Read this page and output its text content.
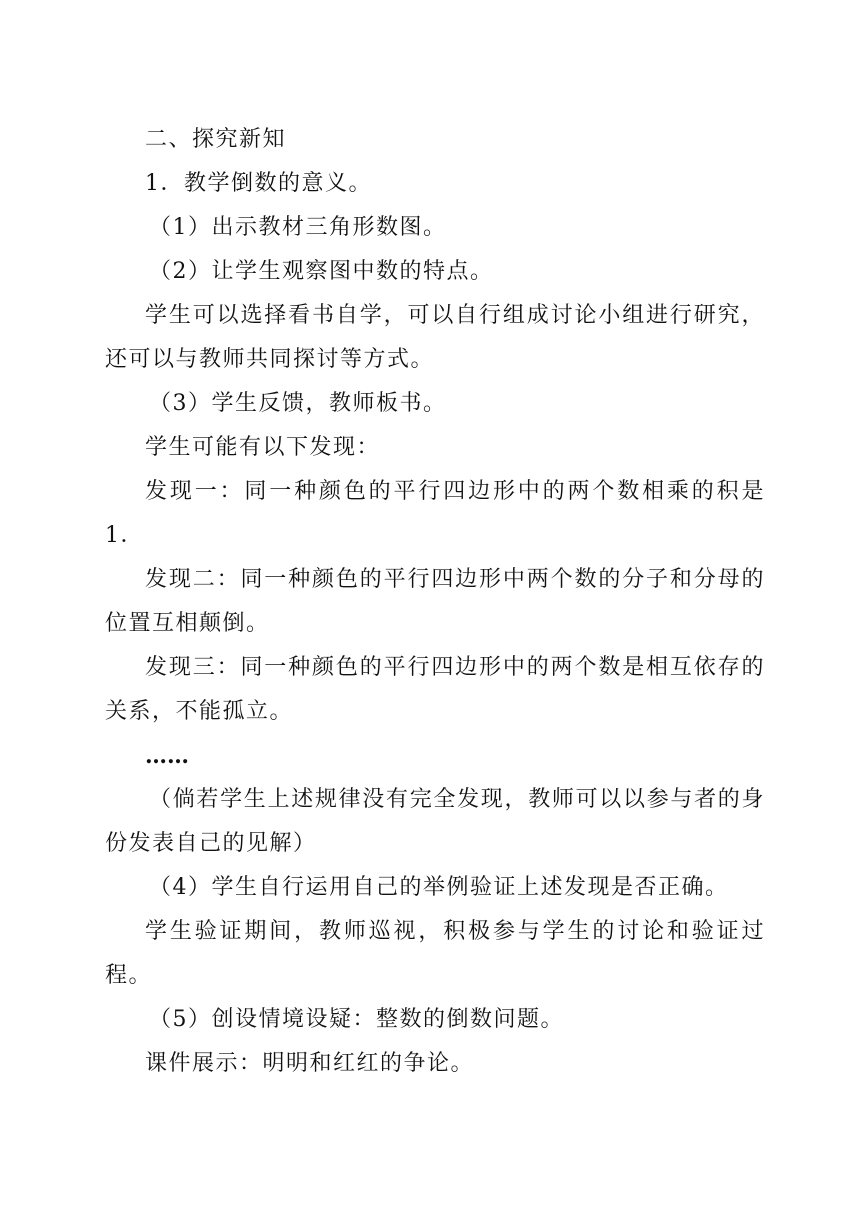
二、探究新知

1．教学倒数的意义。

（1）出示教材三角形数图。

（2）让学生观察图中数的特点。

学生可以选择看书自学，可以自行组成讨论小组进行研究，还可以与教师共同探讨等方式。

（3）学生反馈，教师板书。

学生可能有以下发现：

发现一：同一种颜色的平行四边形中的两个数相乘的积是1．

发现二：同一种颜色的平行四边形中两个数的分子和分母的位置互相颠倒。

发现三：同一种颜色的平行四边形中的两个数是相互依存的关系，不能孤立。

……

（倘若学生上述规律没有完全发现，教师可以以参与者的身份发表自己的见解）

（4）学生自行运用自己的举例验证上述发现是否正确。

学生验证期间，教师巡视，积极参与学生的讨论和验证过程。

（5）创设情境设疑：整数的倒数问题。

课件展示：明明和红红的争论。
